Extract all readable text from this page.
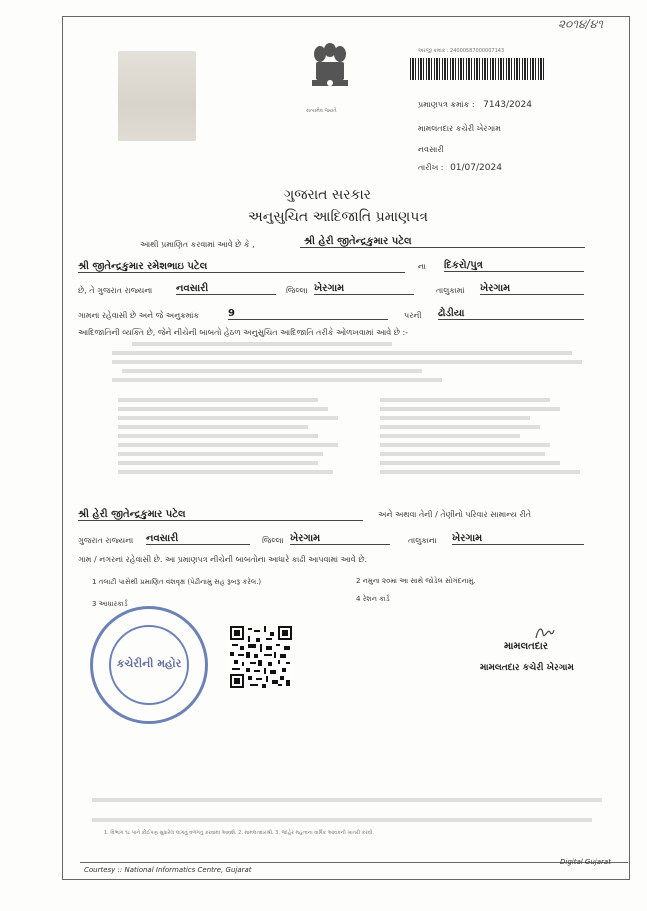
૨૦૧૪/૪૧
સત્યમેવ જયતે
અરજી ક્રમાંક : 24000587000007143
પ્રમાણપત્ર ક્રમાંક : 7143/2024
મામલતદાર કચેરી ખેરગામ
નવસારી
તારીખ : 01/07/2024
ગુજરાત સરકાર
અનુસુચિત આદિજાતિ પ્રમાણપત્ર
આથી પ્રમાણિત કરવામાં આવે છે કે ,	શ્રી હેરી જીતેન્દ્રકુમાર પટેલ
શ્રી જીતેન્દ્રકુમાર રમેશભાઇ પટેલ	ના દિકરો/પુત્ર
છે, તે ગુજરાત રાજ્યના નવસારી	જિલ્લા ખેરગામ	તાલુકામાં ખેરગામ
ગામના રહેવાસી છે અને જે અનુક્રમાંક	9	પરની ઢોડીયા
આદિજાતિની વ્યક્તિ છે, જેને નીચેની બાબતો હેઠળ અનુસુચિત આદિજાતિ તરીકે ઓળખવામાં આવે છે :-
શ્રી હેરી જીતેન્દ્રકુમાર પટેલ	અને અથવા તેની / તેણીનો પરિવાર સામાન્ય રીતે
ગુજરાત રાજ્યના નવસારી	જિલ્લા ખેરગામ	તાલુકાના ખેરગામ
ગામ / નગરનાં રહેવાસી છે. આ પ્રમાણપત્ર નીચેની બાબતોના આધારે કાઢી આપવામાં આવે છે.
1 તલાટી પાસેથી પ્રમાણિત વંશવૃક્ષ (પેઢીનામું સહ રૂબરૂ કરેલ.)	2 નમુના ૨૦માં આ સાથે જોડેલ સોગંદનામું.
3 આધારકાર્ડ
4 રેશન કાર્ડ
કચેરીની મહોર
મામલતદાર
મામલતદાર કચેરી ખેરગામ
1. વિભાગ ૧૮ પાને કોઈપણ સુધારેલ લાગતું વળગતું કરવામાં આવશે. 2. મામલતદારશ્રી. 3. જાહેર મહત્વના વાર્ષિક આવકની ખાતરી કરવી.
Courtesy :: National Informatics Centre, Gujarat
Digital Gujarat
